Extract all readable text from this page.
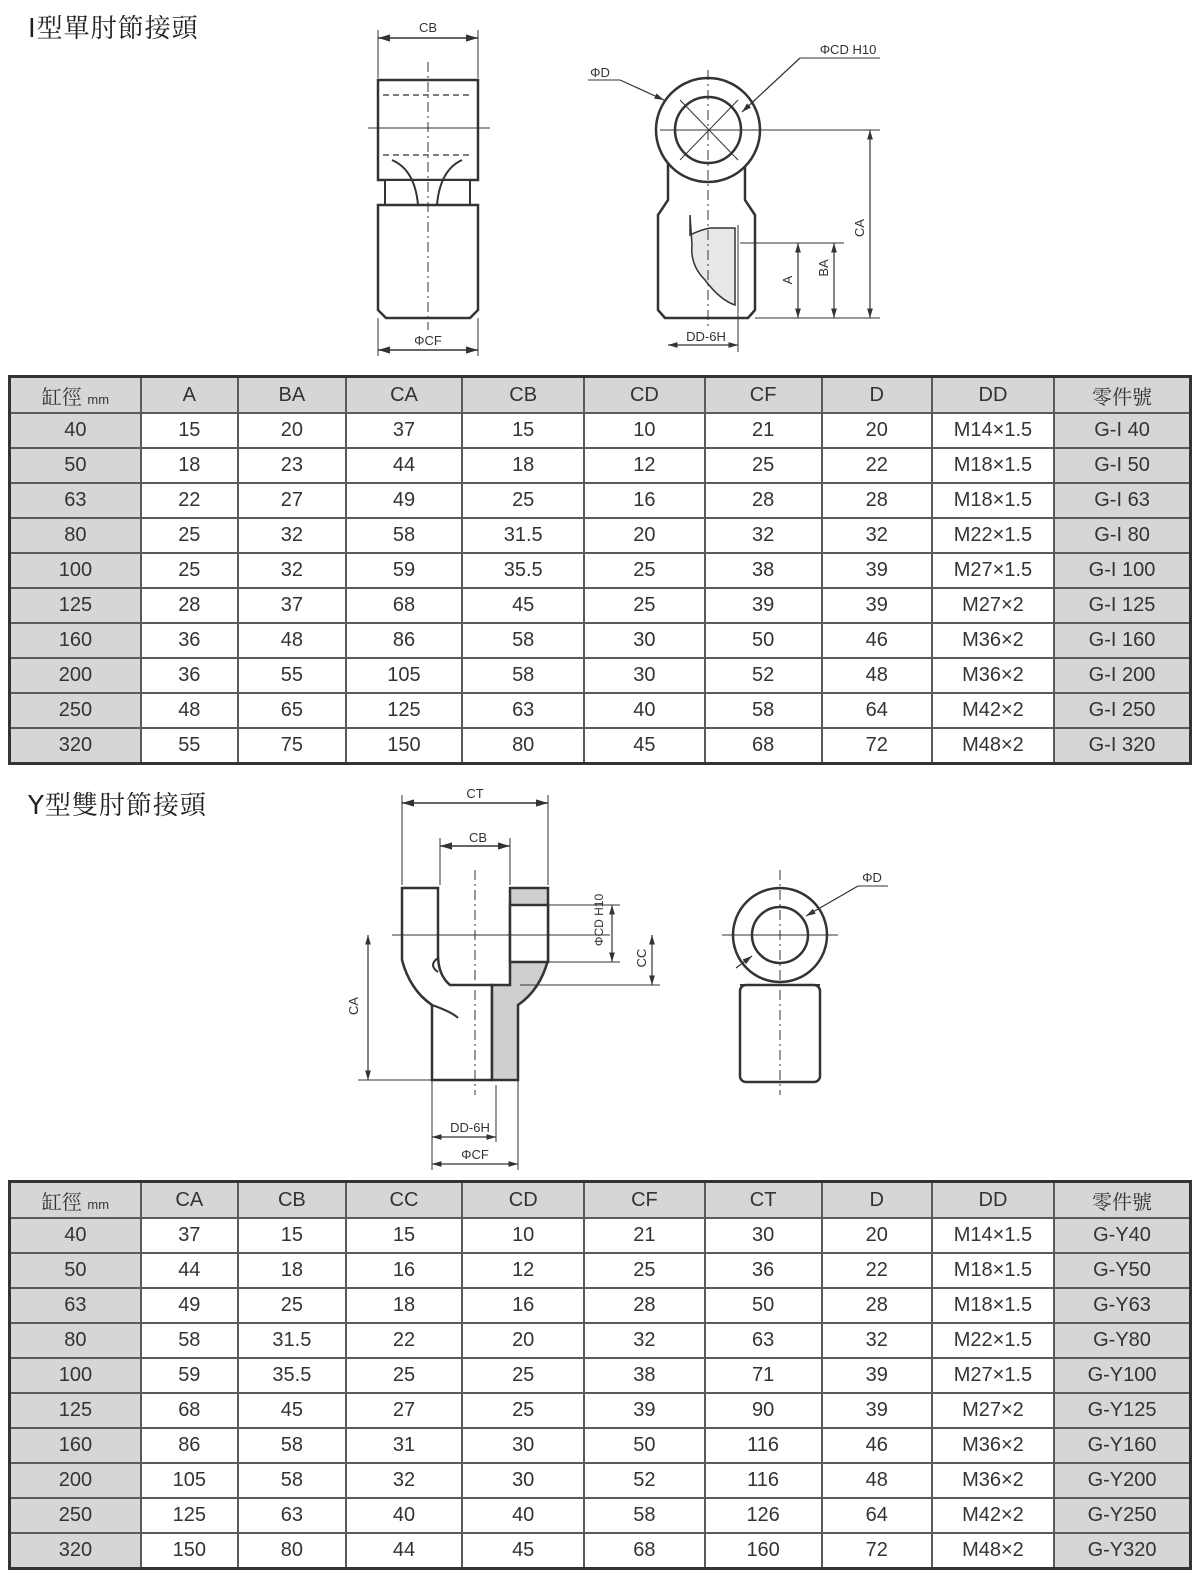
I型單肘節接頭	CB
ΦCF
ΦD
ΦCD H10
CA
BA
A
DD-6H
缸徑 mm	A	BA	CA	CB	CD	CF	D	DD	零件號
40	15	20	37	15	10	21	20	M14×1.5	G-I 40
50	18	23	44	18	12	25	22	M18×1.5	G-I 50
63	22	27	49	25	16	28	28	M18×1.5	G-I 63
80	25	32	58	31.5	20	32	32	M22×1.5	G-I 80
100	25	32	59	35.5	25	38	39	M27×1.5	G-I 100
125	28	37	68	45	25	39	39	M27×2	G-I 125
160	36	48	86	58	30	50	46	M36×2	G-I 160
200	36	55	105	58	30	52	48	M36×2	G-I 200
250	48	65	125	63	40	58	64	M42×2	G-I 250
320	55	75	150	80	45	68	72	M48×2	G-I 320
Y型雙肘節接頭	CT
CB
ΦCD H10
CC
CA
DD-6H
ΦCF
ΦD
缸徑 mm	CA	CB	CC	CD	CF	CT	D	DD	零件號
40	37	15	15	10	21	30	20	M14×1.5	G-Y40
50	44	18	16	12	25	36	22	M18×1.5	G-Y50
63	49	25	18	16	28	50	28	M18×1.5	G-Y63
80	58	31.5	22	20	32	63	32	M22×1.5	G-Y80
100	59	35.5	25	25	38	71	39	M27×1.5	G-Y100
125	68	45	27	25	39	90	39	M27×2	G-Y125
160	86	58	31	30	50	116	46	M36×2	G-Y160
200	105	58	32	30	52	116	48	M36×2	G-Y200
250	125	63	40	40	58	126	64	M42×2	G-Y250
320	150	80	44	45	68	160	72	M48×2	G-Y320
